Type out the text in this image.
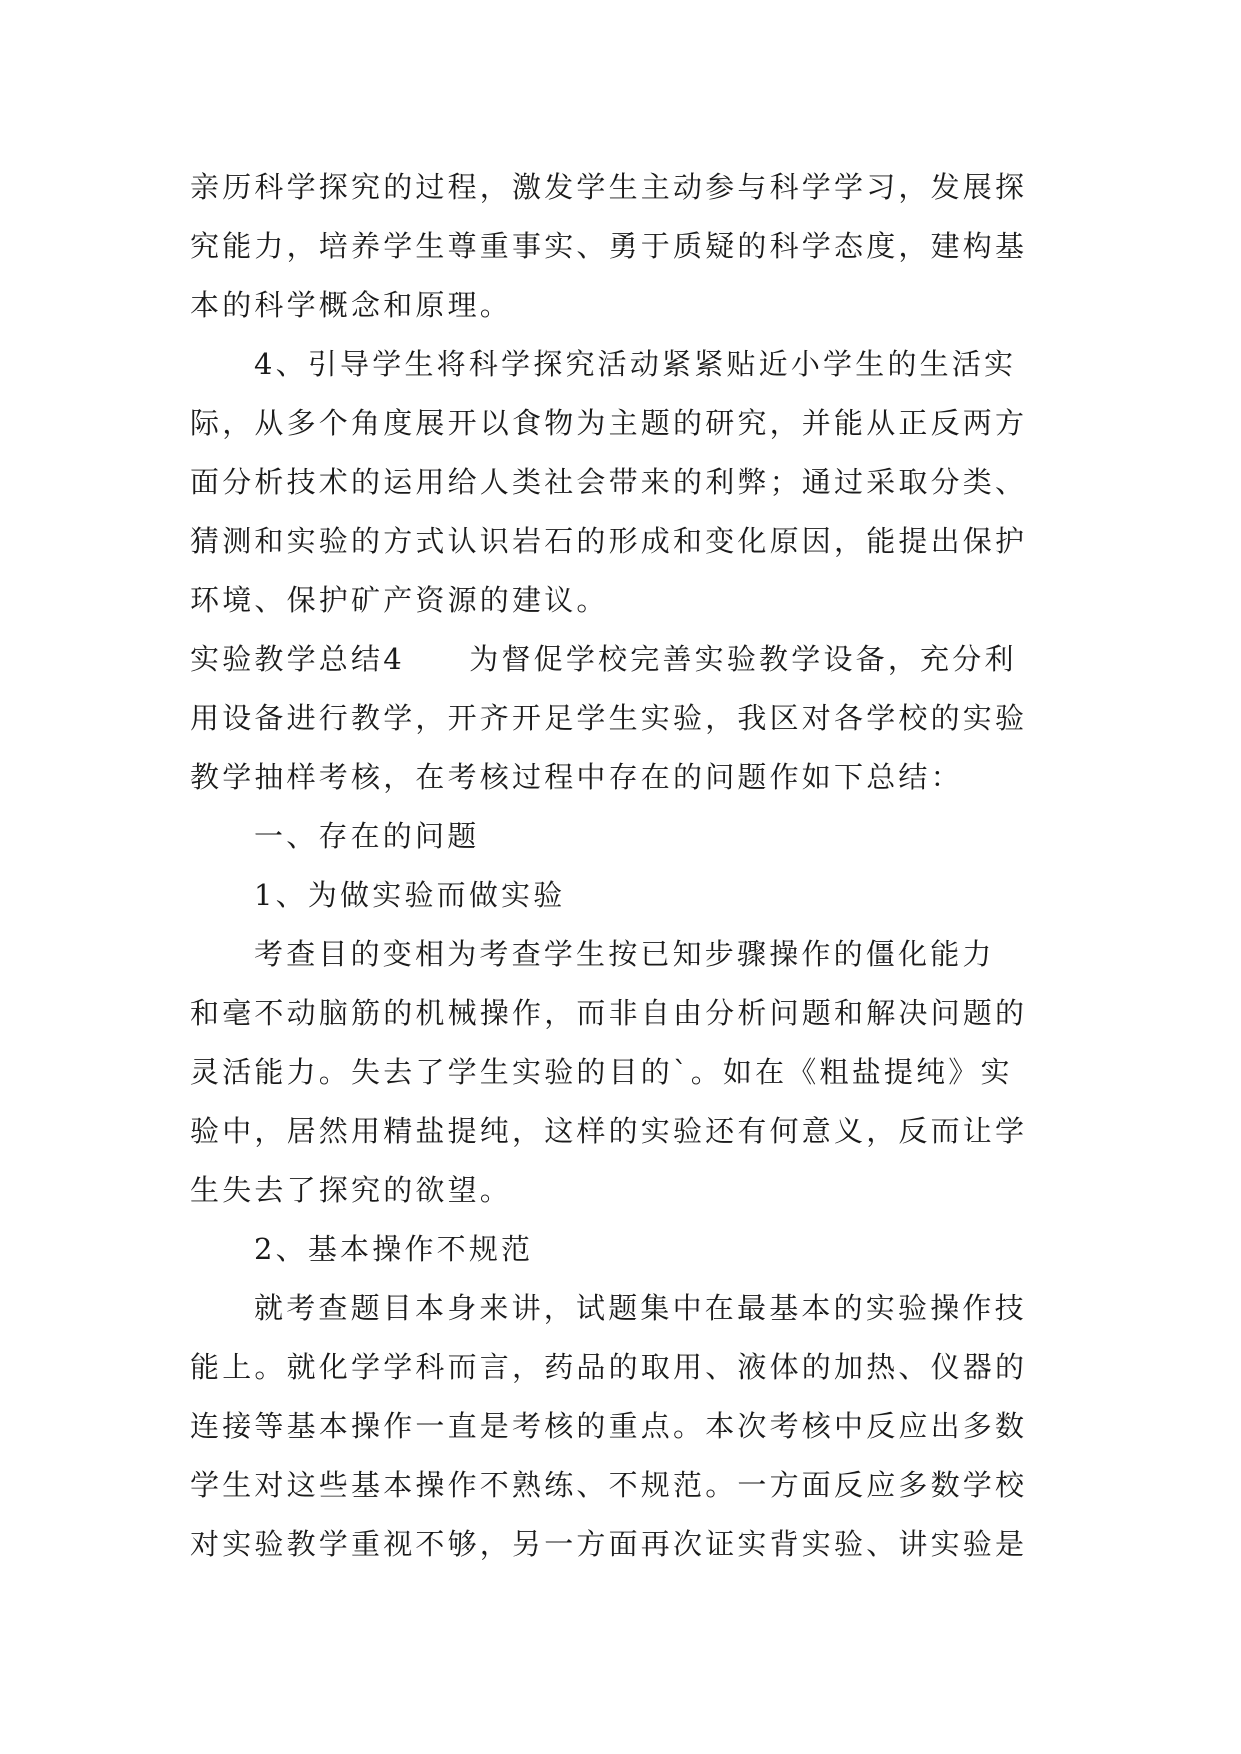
亲历科学探究的过程，激发学生主动参与科学学习，发展探
究能力，培养学生尊重事实、勇于质疑的科学态度，建构基
本的科学概念和原理。
4、引导学生将科学探究活动紧紧贴近小学生的生活实
际，从多个角度展开以食物为主题的研究，并能从正反两方
面分析技术的运用给人类社会带来的利弊；通过采取分类、
猜测和实验的方式认识岩石的形成和变化原因，能提出保护
环境、保护矿产资源的建议。
实验教学总结4　　为督促学校完善实验教学设备，充分利
用设备进行教学，开齐开足学生实验，我区对各学校的实验
教学抽样考核，在考核过程中存在的问题作如下总结：
一、存在的问题
1、为做实验而做实验
考查目的变相为考查学生按已知步骤操作的僵化能力
和毫不动脑筋的机械操作，而非自由分析问题和解决问题的
灵活能力。失去了学生实验的目的`。如在《粗盐提纯》实
验中，居然用精盐提纯，这样的实验还有何意义，反而让学
生失去了探究的欲望。
2、基本操作不规范
就考查题目本身来讲，试题集中在最基本的实验操作技
能上。就化学学科而言，药品的取用、液体的加热、仪器的
连接等基本操作一直是考核的重点。本次考核中反应出多数
学生对这些基本操作不熟练、不规范。一方面反应多数学校
对实验教学重视不够，另一方面再次证实背实验、讲实验是
